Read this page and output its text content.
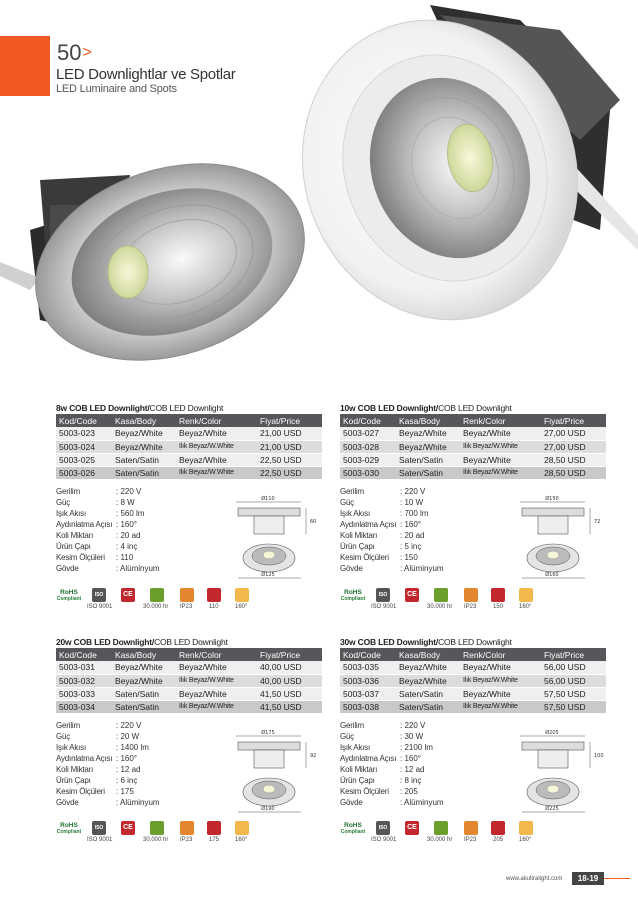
50>
LED Downlightlar ve Spotlar
LED Luminaire and Spots
8w COB LED Downlight/COB LED Downlight
Kod/Code	Kasa/Body	Renk/Color	Fiyat/Price
5003-023	Beyaz/White	Beyaz/White	21,00 USD
5003-024	Beyaz/White	Ilık Beyaz/W.White	21,00 USD
5003-025	Saten/Satin	Beyaz/White	22,50 USD
5003-026	Saten/Satin	Ilık Beyaz/W.White	22,50 USD
Gerilim	: 220 V
Güç	: 8 W
Işık Akısı	: 560 lm
Aydınlatma Açısı : 160°
Koli Miktarı	: 20 ad
Ürün Çapı	: 4 inç
Kesim Ölçüleri	: 110
Gövde	: Alüminyum
Ø110
60
Ø125
RoHS
Compliant
ISO
ISO 9001
CE
30.000 hr IP23	110	160°
10w COB LED Downlight/COB LED Downlight
Kod/Code	Kasa/Body	Renk/Color	Fiyat/Price
5003-027	Beyaz/White	Beyaz/White	27,00 USD
5003-028	Beyaz/White	Ilık Beyaz/W.White	27,00 USD
5003-029	Saten/Satin	Beyaz/White	28,50 USD
5003-030	Saten/Satin	Ilık Beyaz/W.White	28,50 USD
Gerilim	: 220 V
Güç	: 10 W
Işık Akısı	: 700 lm
Aydınlatma Açısı : 160°
Koli Miktarı	: 20 ad
Ürün Çapı	: 5 inç
Kesim Ölçüleri	: 150
Gövde	: Alüminyum
Ø150
72
Ø160
RoHS
Compliant
ISO
ISO 9001
CE
30.000 hr IP23	150	160°
20w COB LED Downlight/COB LED Downlight
Kod/Code	Kasa/Body	Renk/Color	Fiyat/Price
5003-031	Beyaz/White	Beyaz/White	40,00 USD
5003-032	Beyaz/White	Ilık Beyaz/W.White	40,00 USD
5003-033	Saten/Satin	Beyaz/White	41,50 USD
5003-034	Saten/Satin	Ilık Beyaz/W.White	41,50 USD
Gerilim	: 220 V
Güç	: 20 W
Işık Akısı	: 1400 lm
Aydınlatma Açısı : 160°
Koli Miktarı	: 12 ad
Ürün Çapı	: 6 inç
Kesim Ölçüleri	: 175
Gövde	: Alüminyum
Ø175
92
Ø190
RoHS
Compliant
ISO
ISO 9001
CE
30.000 hr IP23	175	160°
30w COB LED Downlight/COB LED Downlight
Kod/Code	Kasa/Body	Renk/Color	Fiyat/Price
5003-035	Beyaz/White	Beyaz/White	56,00 USD
5003-036	Beyaz/White	Ilık Beyaz/W.White	56,00 USD
5003-037	Saten/Satin	Beyaz/White	57,50 USD
5003-038	Saten/Satin	Ilık Beyaz/W.White	57,50 USD
Gerilim	: 220 V
Güç	: 30 W
Işık Akısı	: 2100 lm
Aydınlatma Açısı : 160°
Koli Miktarı	: 12 ad
Ürün Çapı	: 8 inç
Kesim Ölçüleri	: 205
Gövde	: Alüminyum
Ø205
100
Ø225
RoHS
Compliant
ISO
ISO 9001
CE
30.000 hr IP23	205	160°
www.akultralight.com	18-19
